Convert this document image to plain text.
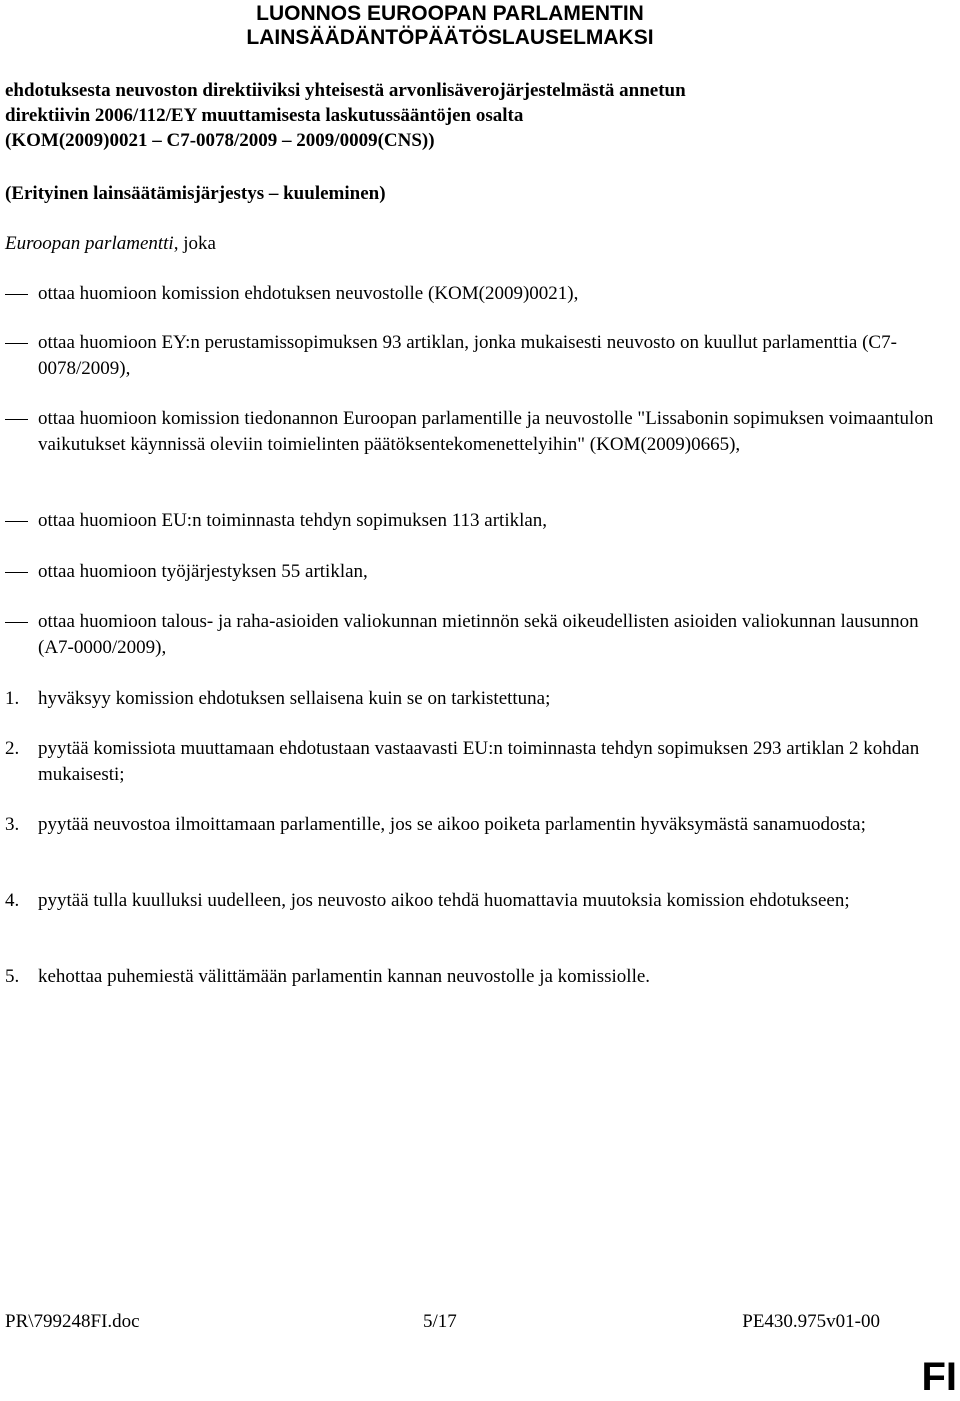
LUONNOS EUROOPAN PARLAMENTIN
LAINSÄÄDÄNTÖPÄÄTÖSLAUSELMAKSI
ehdotuksesta neuvoston direktiiviksi yhteisestä arvonlisäverojärjestelmästä annetun
direktiivin 2006/112/EY muuttamisesta laskutussääntöjen osalta
(KOM(2009)0021 – C7-0078/2009 – 2009/0009(CNS))
(Erityinen lainsäätämisjärjestys – kuuleminen)
Euroopan parlamentti, joka
ottaa huomioon komission ehdotuksen neuvostolle (KOM(2009)0021),
ottaa huomioon EY:n perustamissopimuksen 93 artiklan, jonka mukaisesti neuvosto on kuullut parlamenttia (C7-0078/2009),
ottaa huomioon komission tiedonannon Euroopan parlamentille ja neuvostolle "Lissabonin sopimuksen voimaantulon vaikutukset käynnissä oleviin toimielinten päätöksentekomenettelyihin" (KOM(2009)0665),
ottaa huomioon EU:n toiminnasta tehdyn sopimuksen 113 artiklan,
ottaa huomioon työjärjestyksen 55 artiklan,
ottaa huomioon talous- ja raha-asioiden valiokunnan mietinnön sekä oikeudellisten asioiden valiokunnan lausunnon (A7-0000/2009),
1. hyväksyy komission ehdotuksen sellaisena kuin se on tarkistettuna;
2. pyytää komissiota muuttamaan ehdotustaan vastaavasti EU:n toiminnasta tehdyn sopimuksen 293 artiklan 2 kohdan mukaisesti;
3. pyytää neuvostoa ilmoittamaan parlamentille, jos se aikoo poiketa parlamentin hyväksymästä sanamuodosta;
4. pyytää tulla kuulluksi uudelleen, jos neuvosto aikoo tehdä huomattavia muutoksia komission ehdotukseen;
5. kehottaa puhemiestä välittämään parlamentin kannan neuvostolle ja komissiolle.
PR\799248FI.doc	5/17	PE430.975v01-00
FI
